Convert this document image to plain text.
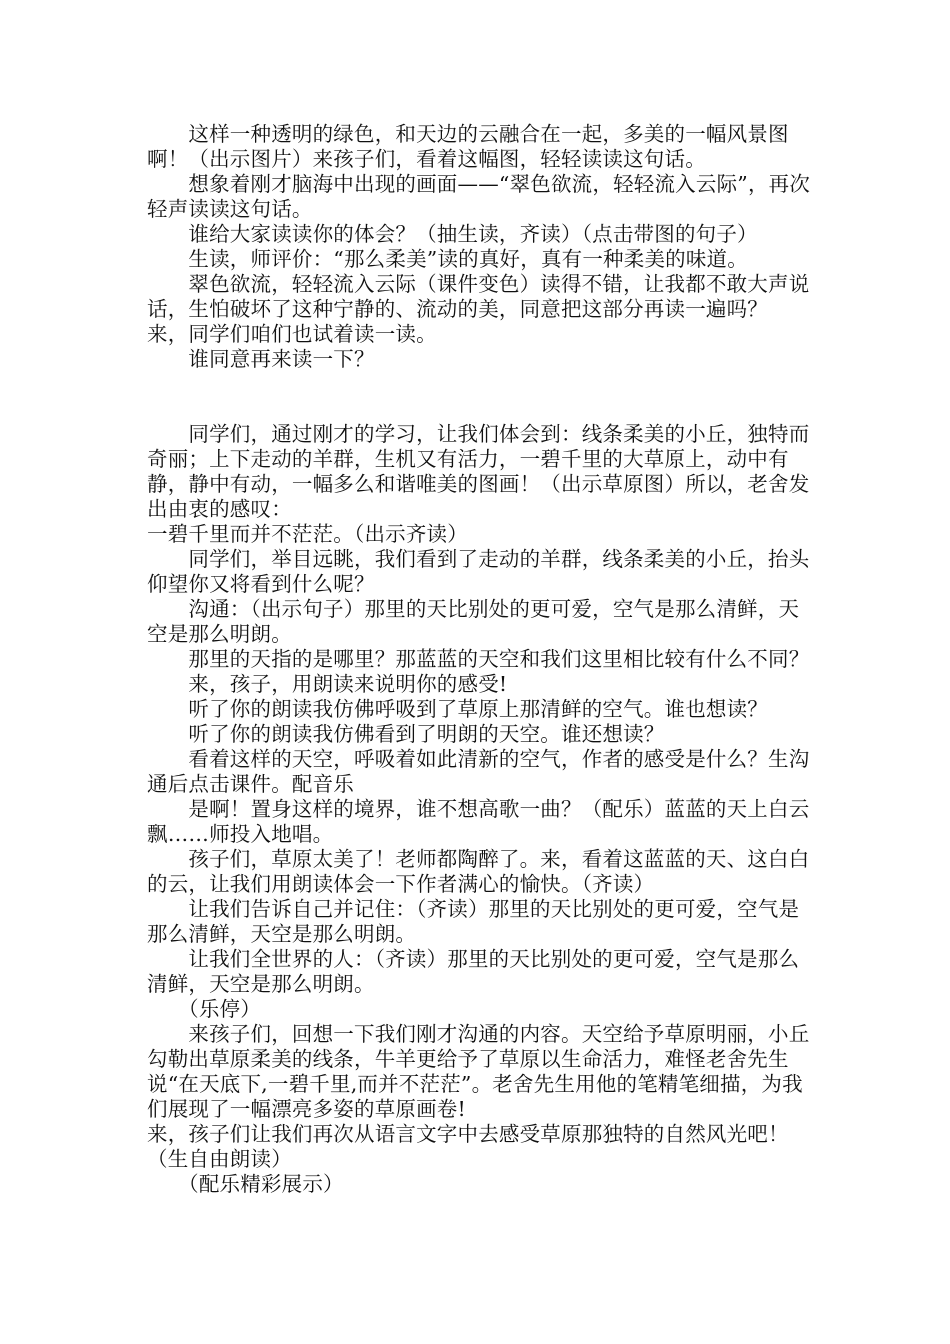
　　这样一种透明的绿色，和天边的云融合在一起，多美的一幅风景图啊！（出示图片）来孩子们，看着这幅图，轻轻读读这句话。

　　想象着刚才脑海中出现的画面——“翠色欲流，轻轻流入云际”，再次轻声读读这句话。

　　谁给大家读读你的体会？（抽生读，齐读）（点击带图的句子）

　　生读，师评价：“那么柔美”读的真好，真有一种柔美的味道。

　　翠色欲流，轻轻流入云际（课件变色）读得不错，让我都不敢大声说话，生怕破坏了这种宁静的、流动的美，同意把这部分再读一遍吗？

来，同学们咱们也试着读一读。

　　谁同意再来读一下？

　　同学们，通过刚才的学习，让我们体会到：线条柔美的小丘，独特而奇丽；上下走动的羊群，生机又有活力，一碧千里的大草原上，动中有静，静中有动，一幅多么和谐唯美的图画！（出示草原图）所以，老舍发出由衷的感叹：

一碧千里而并不茫茫。（出示齐读）

　　同学们，举目远眺，我们看到了走动的羊群，线条柔美的小丘，抬头仰望你又将看到什么呢？

　　沟通：（出示句子）那里的天比别处的更可爱，空气是那么清鲜，天空是那么明朗。

　　那里的天指的是哪里？那蓝蓝的天空和我们这里相比较有什么不同？

　　来，孩子，用朗读来说明你的感受!

　　听了你的朗读我仿佛呼吸到了草原上那清鲜的空气。谁也想读？

　　听了你的朗读我仿佛看到了明朗的天空。谁还想读？

　　看着这样的天空，呼吸着如此清新的空气，作者的感受是什么？生沟通后点击课件。配音乐

　　是啊！置身这样的境界，谁不想高歌一曲？（配乐）蓝蓝的天上白云飘……师投入地唱。

　　孩子们，草原太美了！老师都陶醉了。来，看着这蓝蓝的天、这白白的云，让我们用朗读体会一下作者满心的愉快。（齐读）

　　让我们告诉自己并记住：（齐读）那里的天比别处的更可爱，空气是那么清鲜，天空是那么明朗。

　　让我们全世界的人：（齐读）那里的天比别处的更可爱，空气是那么清鲜，天空是那么明朗。

　　（乐停）

　　来孩子们，回想一下我们刚才沟通的内容。天空给予草原明丽，小丘勾勒出草原柔美的线条，牛羊更给予了草原以生命活力，难怪老舍先生说“在天底下,一碧千里,而并不茫茫”。老舍先生用他的笔精笔细描，为我们展现了一幅漂亮多姿的草原画卷!

来，孩子们让我们再次从语言文字中去感受草原那独特的自然风光吧！（生自由朗读）

　　（配乐精彩展示）
